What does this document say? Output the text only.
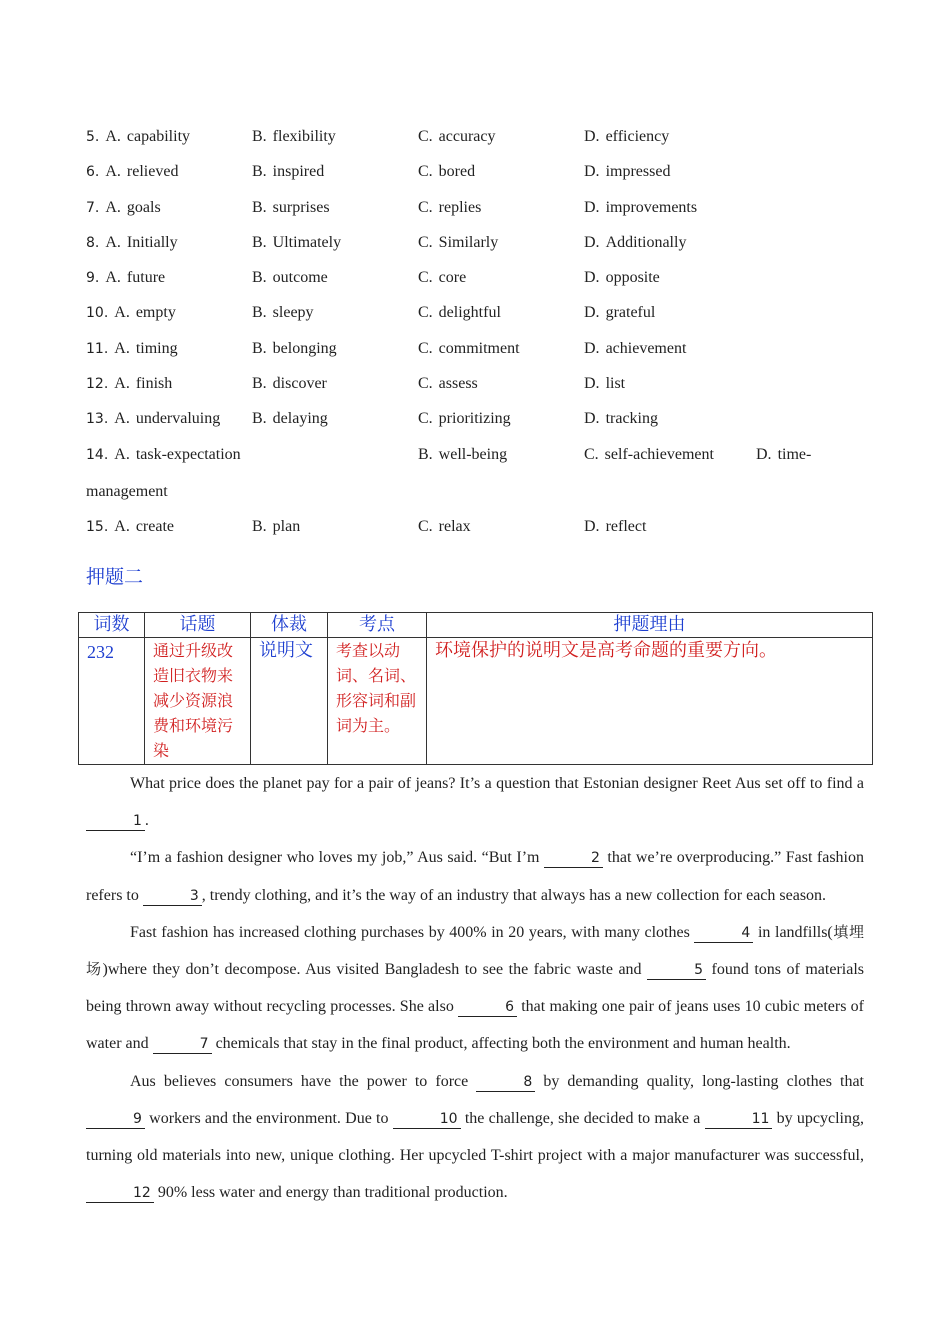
5. A. capability	B. flexibility	C. accuracy	D. efficiency
6. A. relieved	B. inspired	C. bored	D. impressed
7. A. goals	B. surprises	C. replies	D. improvements
8. A. Initially	B. Ultimately	C. Similarly	D. Additionally
9. A. future	B. outcome	C. core	D. opposite
10. A. empty	B. sleepy	C. delightful	D. grateful
11. A. timing	B. belonging	C. commitment	D. achievement
12. A. finish	B. discover	C. assess	D. list
13. A. undervaluing B. delaying	C. prioritizing	D. tracking
14. A. task-expectation	B. well-being	C. self-achievement	D. time-
management
15. A. create	B. plan	C. relax	D. reflect
押题二
词数	话题	体裁	考点	押题理由
232	通过升级改造旧衣物来减少资源浪费和环境污染	说明文	考查以动词、名词、形容词和副词为主。	环境保护的说明文是高考命题的重要方向。

What price does the planet pay for a pair of jeans? It’s a question that Estonian designer Reet Aus set off to find a 1 .

“I’m a fashion designer who loves my job,” Aus said. “But I’m	2 that we’re overproducing.” Fast fashion refers to	3 , trendy clothing, and it’s the way of an industry that always has a new collection for each season.

Fast fashion has increased clothing purchases by 400% in 20 years, with many clothes	4 in landfills(填埋场)where they don’t decompose. Aus visited Bangladesh to see the fabric waste and	5 found tons of materials being thrown away without recycling processes. She also	6 that making one pair of jeans uses 10 cubic meters of water and	7 chemicals that stay in the final product, affecting both the environment and human health.

Aus believes consumers have the power to force	8 by demanding quality, long-lasting clothes that 9 workers and the environment. Due to	10 the challenge, she decided to make a	11 by upcycling, turning old materials into new, unique clothing. Her upcycled T-shirt project with a major manufacturer was successful, 12 90% less water and energy than traditional production.
